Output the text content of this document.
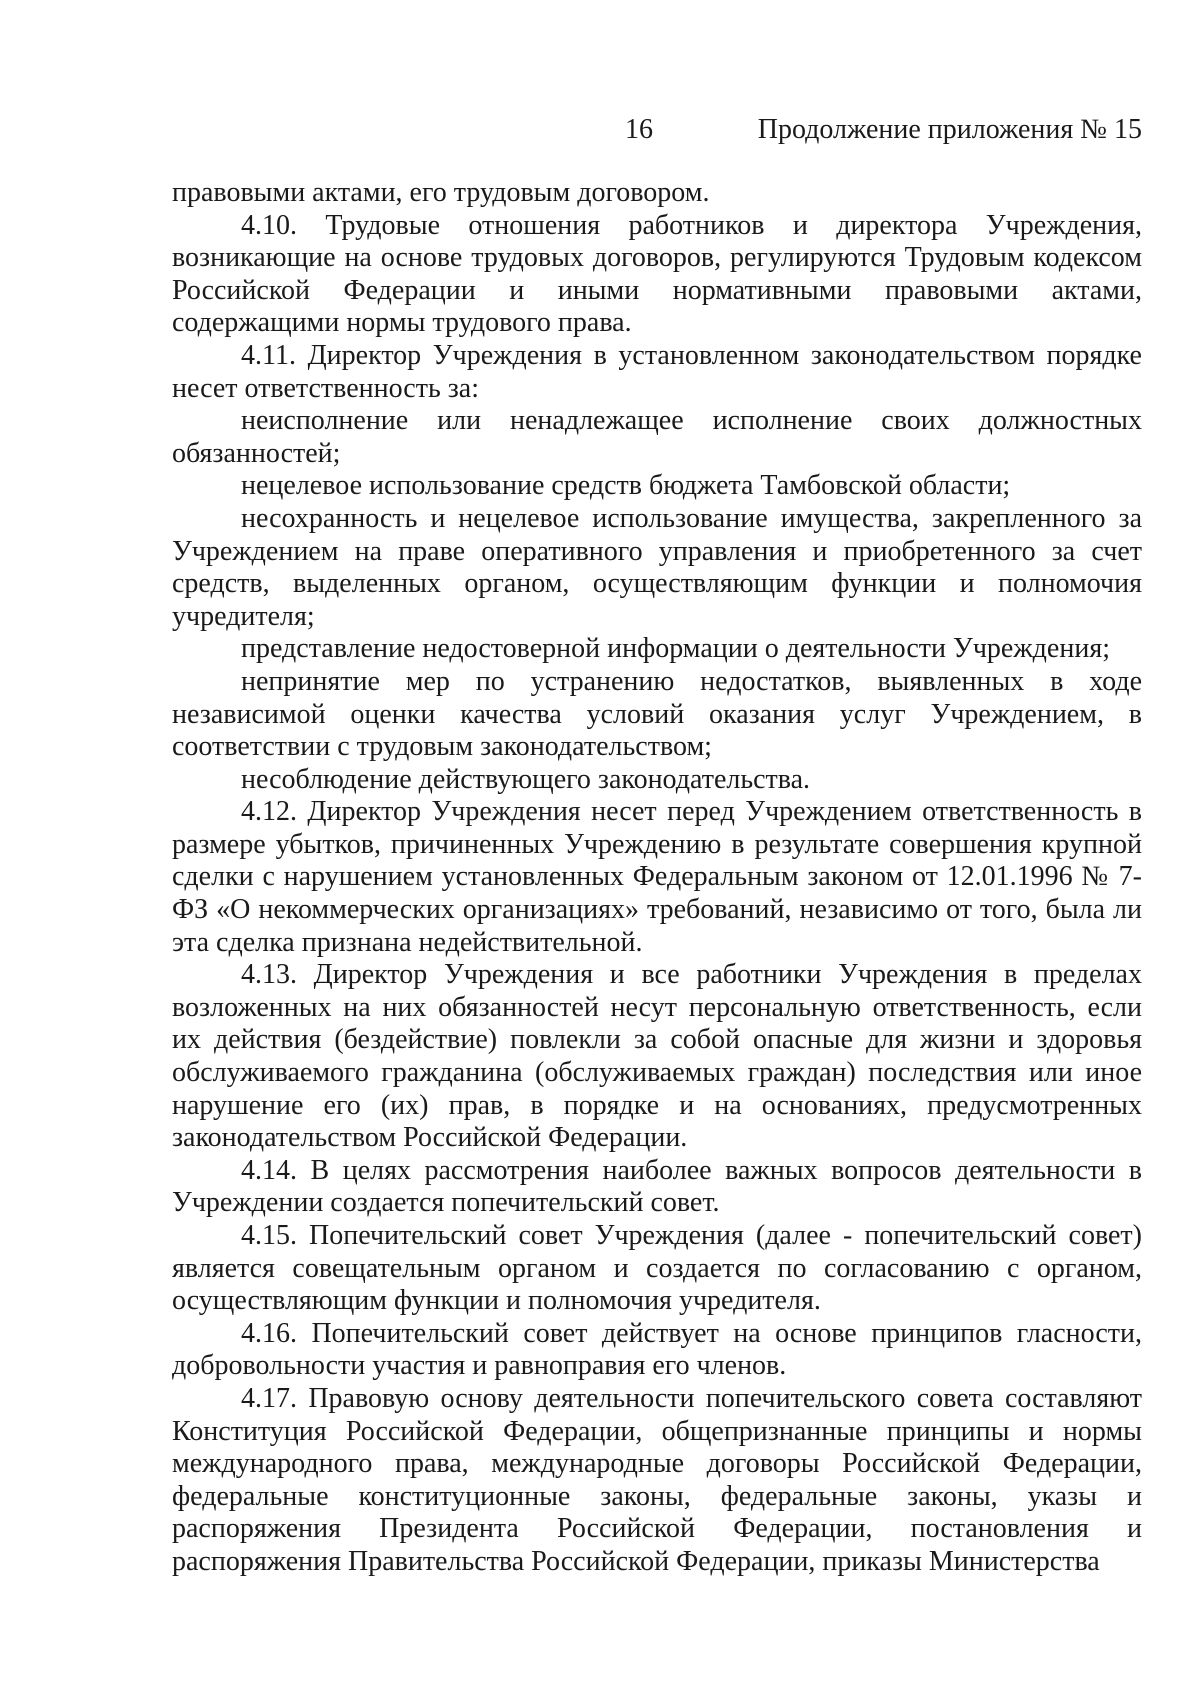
16	Продолжение приложения № 15

правовыми актами, его трудовым договором.

4.10. Трудовые отношения работников и директора Учреждения, возникающие на основе трудовых договоров, регулируются Трудовым кодексом Российской Федерации и иными нормативными правовыми актами, содержащими нормы трудового права.

4.11. Директор Учреждения в установленном законодательством порядке несет ответственность за:

неисполнение или ненадлежащее исполнение своих должностных обязанностей;

нецелевое использование средств бюджета Тамбовской области;

несохранность и нецелевое использование имущества, закрепленного за Учреждением на праве оперативного управления и приобретенного за счет средств, выделенных органом, осуществляющим функции и полномочия учредителя;

представление недостоверной информации о деятельности Учреждения;

непринятие мер по устранению недостатков, выявленных в ходе независимой оценки качества условий оказания услуг Учреждением, в соответствии с трудовым законодательством;

несоблюдение действующего законодательства.

4.12. Директор Учреждения несет перед Учреждением ответственность в размере убытков, причиненных Учреждению в результате совершения крупной сделки с нарушением установленных Федеральным законом от 12.01.1996 № 7-ФЗ «О некоммерческих организациях» требований, независимо от того, была ли эта сделка признана недействительной.

4.13. Директор Учреждения и все работники Учреждения в пределах возложенных на них обязанностей несут персональную ответственность, если их действия (бездействие) повлекли за собой опасные для жизни и здоровья обслуживаемого гражданина (обслуживаемых граждан) последствия или иное нарушение его (их) прав, в порядке и на основаниях, предусмотренных законодательством Российской Федерации.

4.14. В целях рассмотрения наиболее важных вопросов деятельности в Учреждении создается попечительский совет.

4.15. Попечительский совет Учреждения (далее - попечительский совет) является совещательным органом и создается по согласованию с органом, осуществляющим функции и полномочия учредителя.

4.16. Попечительский совет действует на основе принципов гласности, добровольности участия и равноправия его членов.

4.17. Правовую основу деятельности попечительского совета составляют Конституция Российской Федерации, общепризнанные принципы и нормы международного права, международные договоры Российской Федерации, федеральные конституционные законы, федеральные законы, указы и распоряжения Президента Российской Федерации, постановления и распоряжения Правительства Российской Федерации, приказы Министерства
